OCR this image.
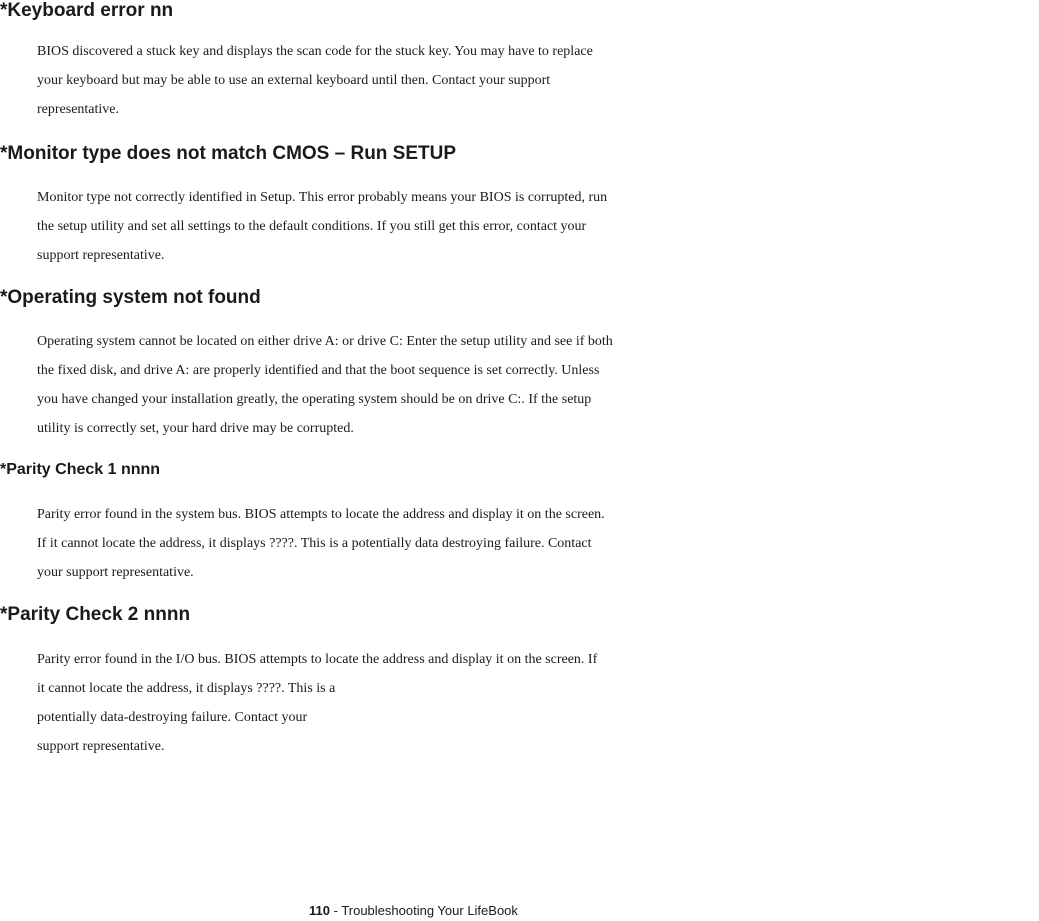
*Keyboard error nn
BIOS discovered a stuck key and displays the scan code for the stuck key. You may have to replace
your keyboard but may be able to use an external keyboard until then. Contact your support
representative.
*Monitor type does not match CMOS – Run SETUP
Monitor type not correctly identified in Setup. This error probably means your BIOS is corrupted, run
the setup utility and set all settings to the default conditions. If you still get this error, contact your
support representative.
*Operating system not found
Operating system cannot be located on either drive A: or drive C: Enter the setup utility and see if both
the fixed disk, and drive A: are properly identified and that the boot sequence is set correctly. Unless
you have changed your installation greatly, the operating system should be on drive C:. If the setup
utility is correctly set, your hard drive may be corrupted.
*Parity Check 1 nnnn
Parity error found in the system bus. BIOS attempts to locate the address and display it on the screen.
If it cannot locate the address, it displays ????. This is a potentially data destroying failure. Contact
your support representative.
*Parity Check 2 nnnn
Parity error found in the I/O bus. BIOS attempts to locate the address and display it on the screen. If
it cannot locate the address, it displays ????. This is a
potentially data-destroying failure. Contact your
support representative.
110 - Troubleshooting Your LifeBook
